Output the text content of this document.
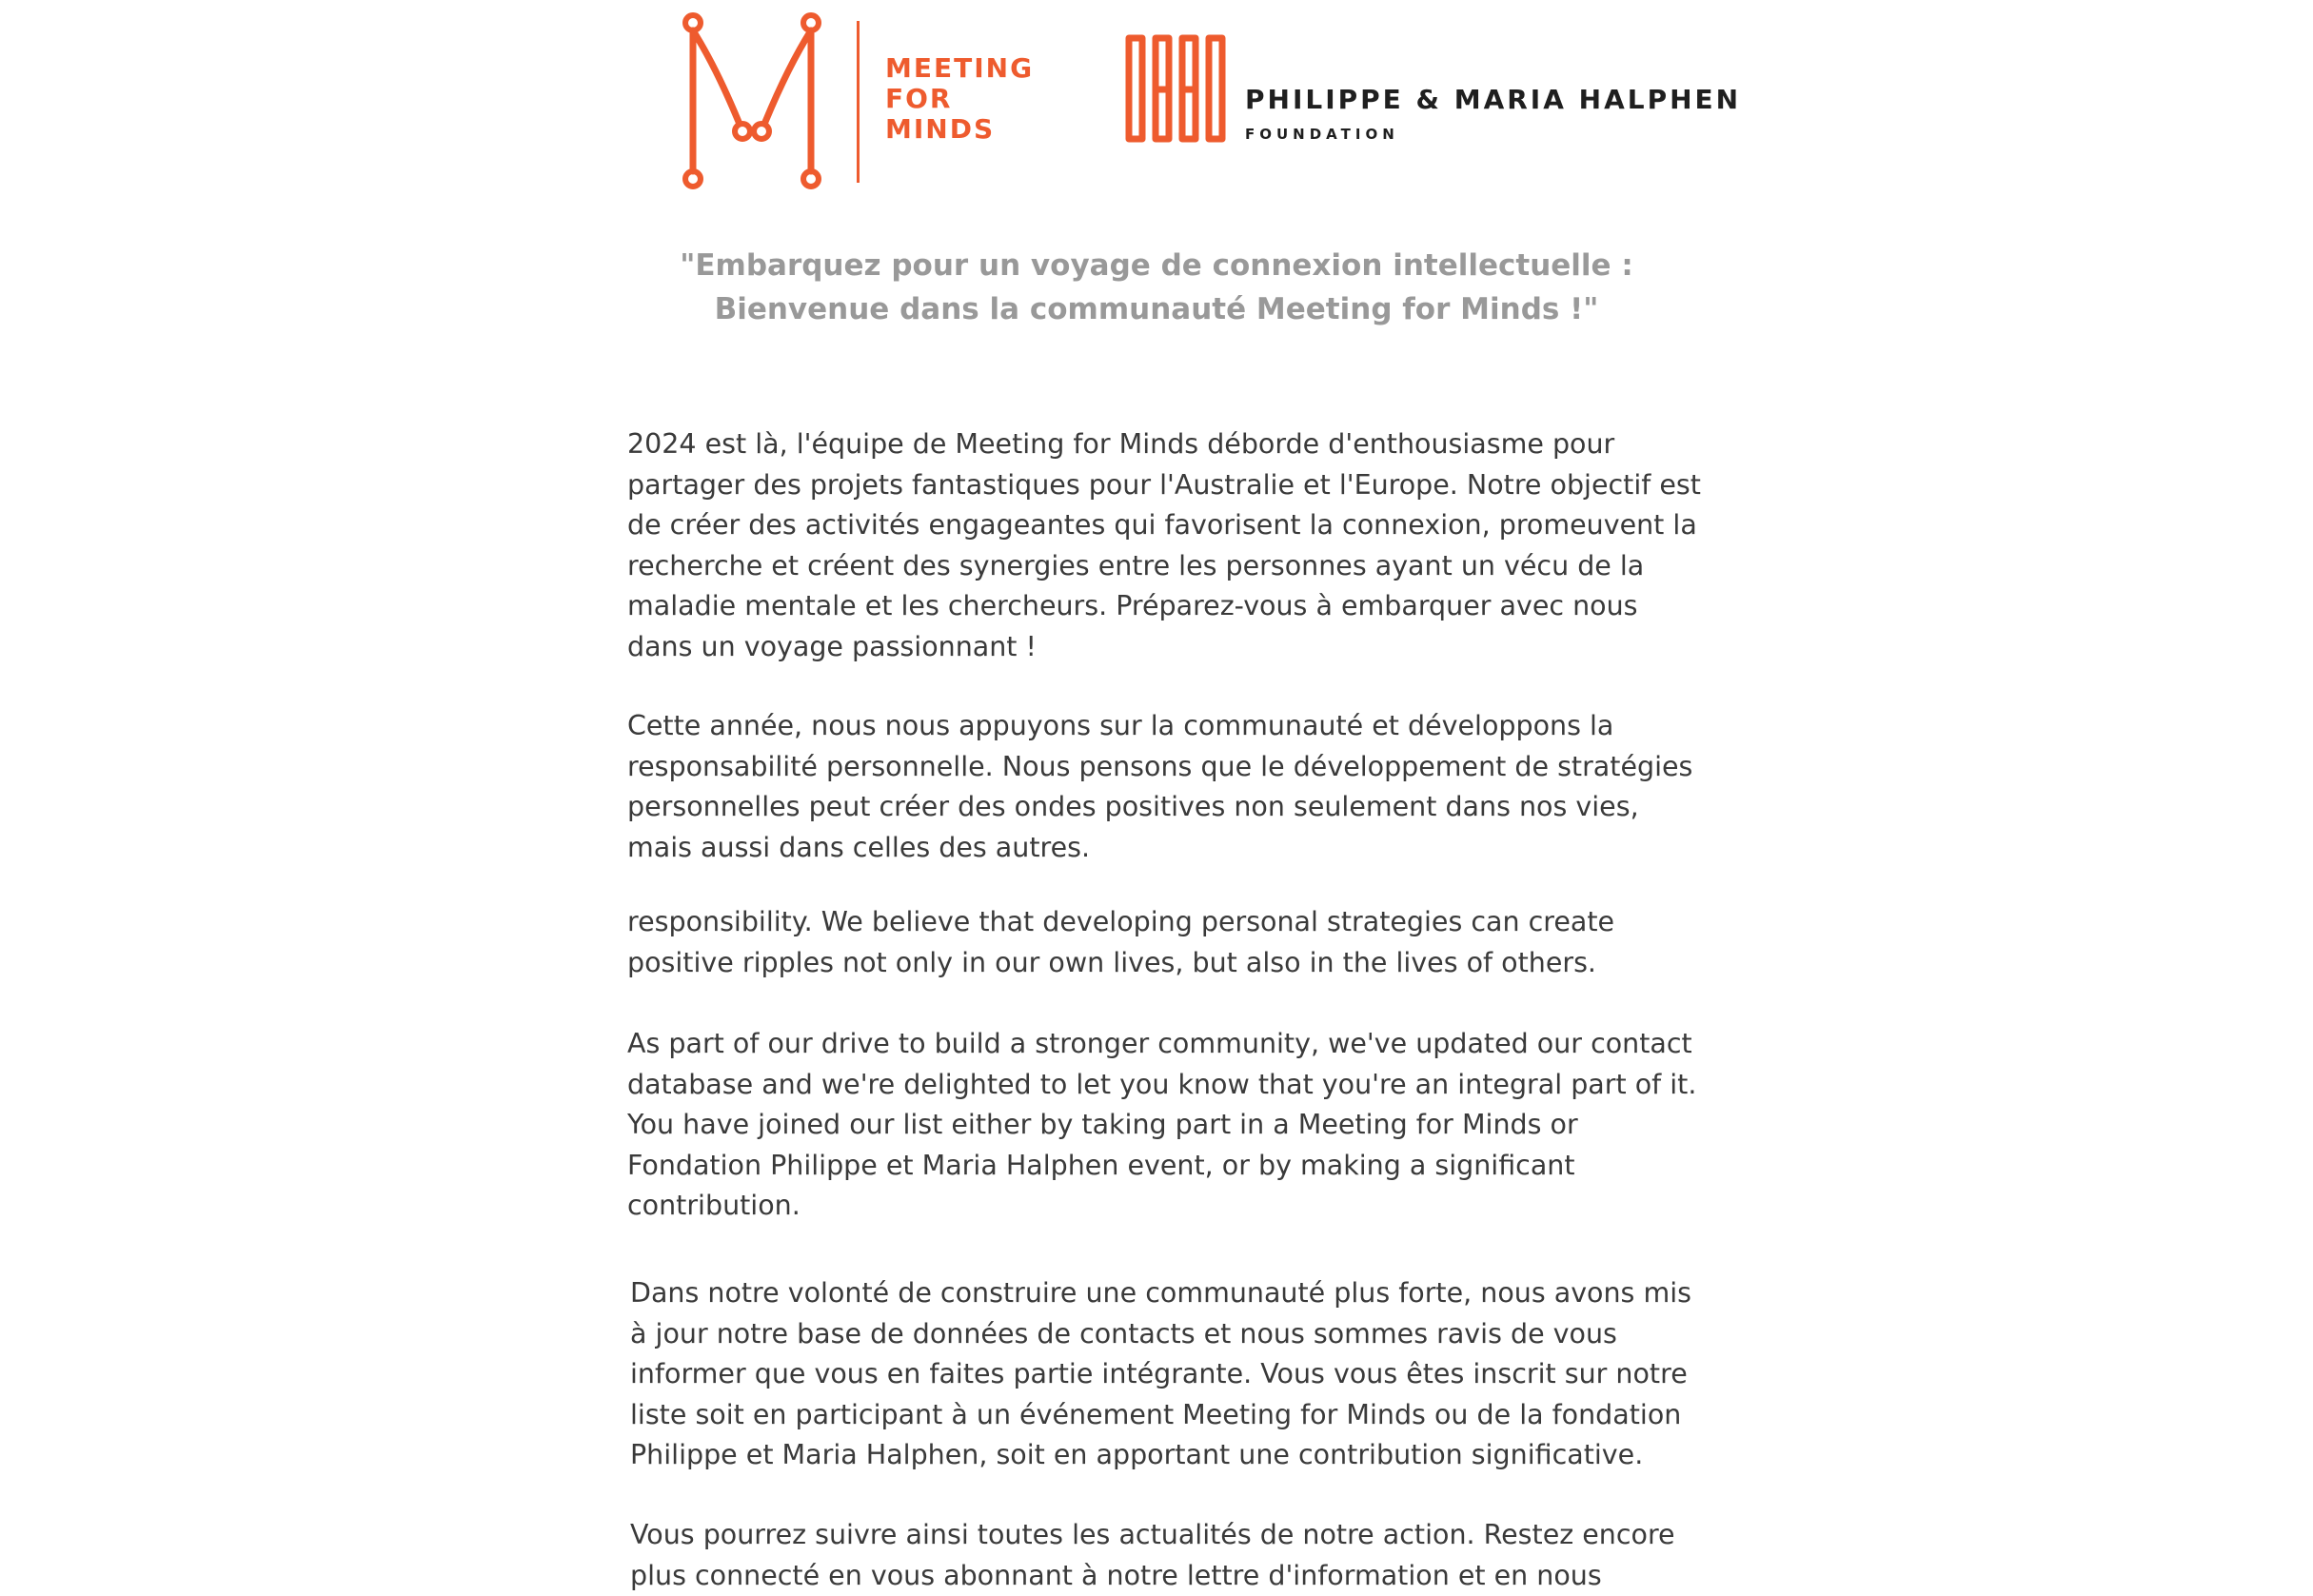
MEETING
FOR
MINDS
PHILIPPE & MARIA HALPHEN
FOUNDATION
"Embarquez pour un voyage de connexion intellectuelle :
Bienvenue dans la communauté Meeting for Minds !"
2024 est là, l'équipe de Meeting for Minds déborde d'enthousiasme pour
partager des projets fantastiques pour l'Australie et l'Europe. Notre objectif est
de créer des activités engageantes qui favorisent la connexion, promeuvent la
recherche et créent des synergies entre les personnes ayant un vécu de la
maladie mentale et les chercheurs. Préparez-vous à embarquer avec nous
dans un voyage passionnant !
Cette année, nous nous appuyons sur la communauté et développons la
responsabilité personnelle. Nous pensons que le développement de stratégies
personnelles peut créer des ondes positives non seulement dans nos vies,
mais aussi dans celles des autres.
responsibility. We believe that developing personal strategies can create
positive ripples not only in our own lives, but also in the lives of others.
As part of our drive to build a stronger community, we've updated our contact
database and we're delighted to let you know that you're an integral part of it.
You have joined our list either by taking part in a Meeting for Minds or
Fondation Philippe et Maria Halphen event, or by making a significant
contribution.
Dans notre volonté de construire une communauté plus forte, nous avons mis
à jour notre base de données de contacts et nous sommes ravis de vous
informer que vous en faites partie intégrante. Vous vous êtes inscrit sur notre
liste soit en participant à un événement Meeting for Minds ou de la fondation
Philippe et Maria Halphen, soit en apportant une contribution significative.
Vous pourrez suivre ainsi toutes les actualités de notre action. Restez encore
plus connecté en vous abonnant à notre lettre d'information et en nous
